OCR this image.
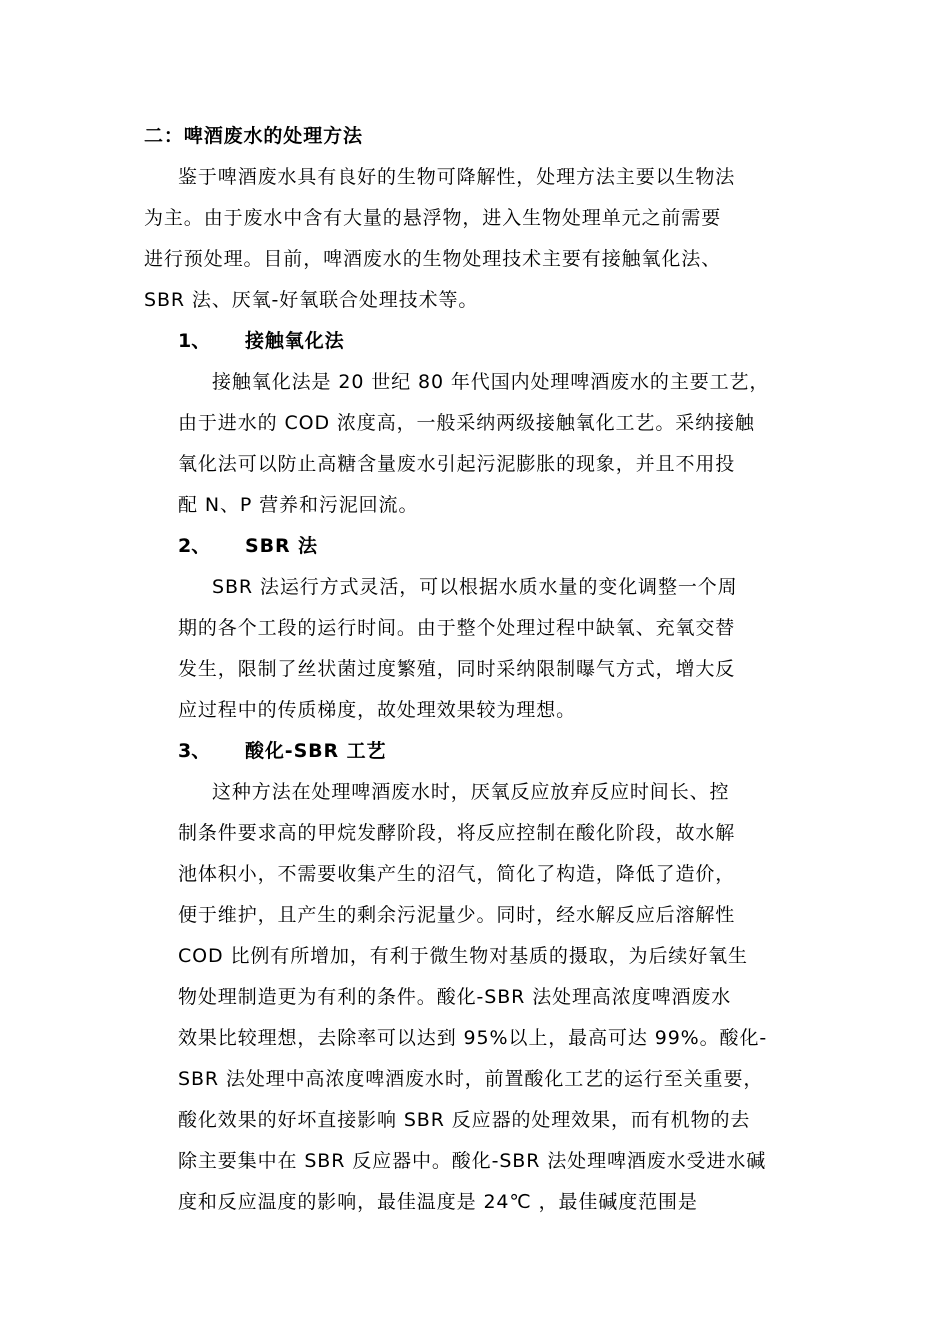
二：啤酒废水的处理方法
鉴于啤酒废水具有良好的生物可降解性，处理方法主要以生物法
为主。由于废水中含有大量的悬浮物，进入生物处理单元之前需要
进行预处理。目前，啤酒废水的生物处理技术主要有接触氧化法、
SBR 法、厌氧-好氧联合处理技术等。
1、 接触氧化法
接触氧化法是 20 世纪 80 年代国内处理啤酒废水的主要工艺，
由于进水的 COD 浓度高，一般采纳两级接触氧化工艺。采纳接触
氧化法可以防止高糖含量废水引起污泥膨胀的现象，并且不用投
配 N、P 营养和污泥回流。
2、 SBR 法
SBR 法运行方式灵活，可以根据水质水量的变化调整一个周
期的各个工段的运行时间。由于整个处理过程中缺氧、充氧交替
发生，限制了丝状菌过度繁殖，同时采纳限制曝气方式，增大反
应过程中的传质梯度，故处理效果较为理想。
3、 酸化-SBR 工艺
这种方法在处理啤酒废水时，厌氧反应放弃反应时间长、控
制条件要求高的甲烷发酵阶段，将反应控制在酸化阶段，故水解
池体积小，不需要收集产生的沼气，简化了构造，降低了造价，
便于维护，且产生的剩余污泥量少。同时，经水解反应后溶解性
COD 比例有所增加，有利于微生物对基质的摄取，为后续好氧生
物处理制造更为有利的条件。酸化-SBR 法处理高浓度啤酒废水
效果比较理想，去除率可以达到 95%以上，最高可达 99%。酸化-
SBR 法处理中高浓度啤酒废水时，前置酸化工艺的运行至关重要，
酸化效果的好坏直接影响 SBR 反应器的处理效果，而有机物的去
除主要集中在 SBR 反应器中。酸化-SBR 法处理啤酒废水受进水碱
度和反应温度的影响，最佳温度是 24℃ ，最佳碱度范围是
